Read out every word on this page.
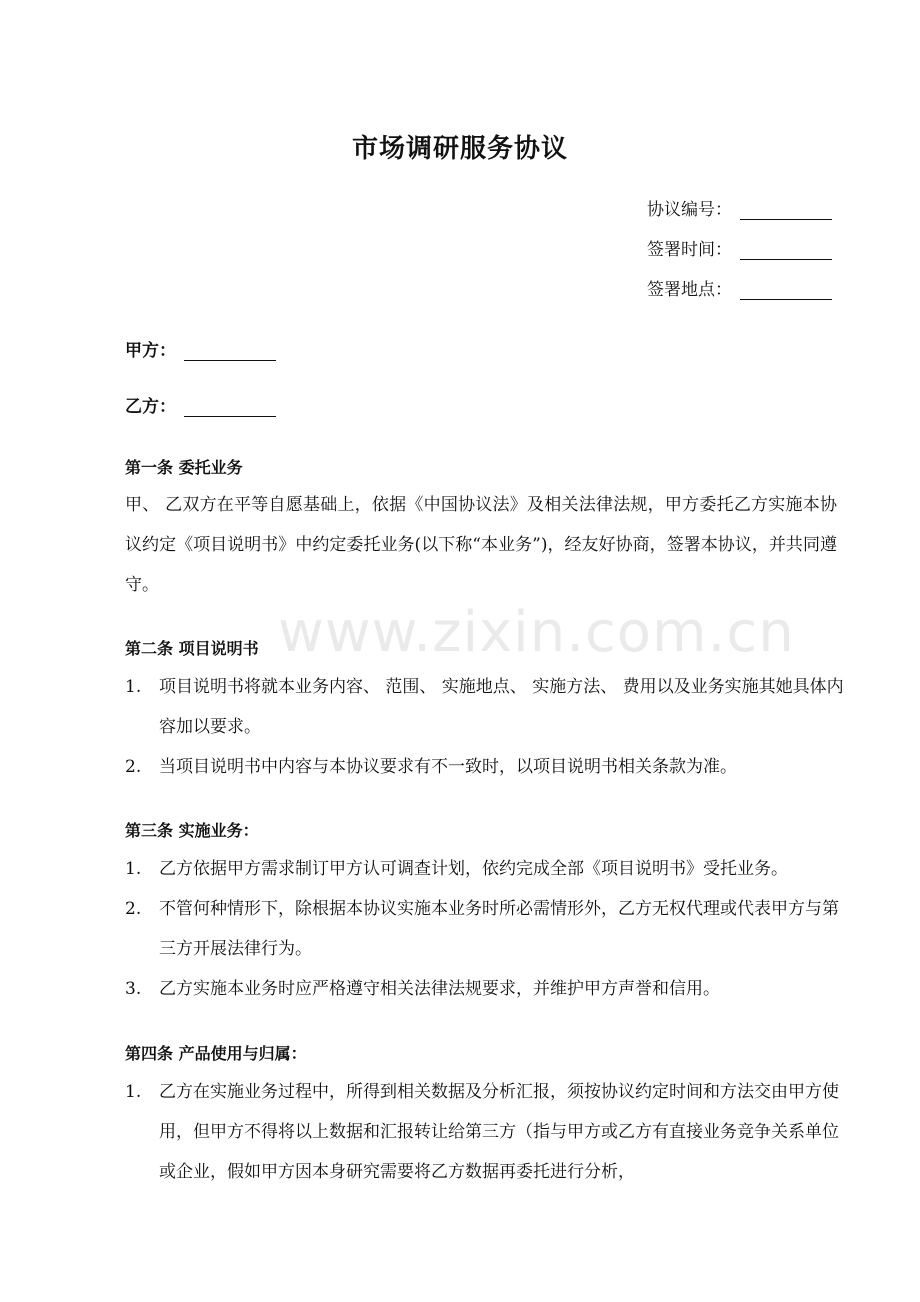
www.zixin.com.cn
市场调研服务协议
协议编号：
签署时间：
签署地点：
甲方：
乙方：
第一条 委托业务
甲、 乙双方在平等自愿基础上，依据《中国协议法》及相关法律法规，甲方委托乙方实施本协议约定《项目说明书》中约定委托业务(以下称“本业务”)，经友好协商，签署本协议，并共同遵守。
第二条 项目说明书
1.	项目说明书将就本业务内容、 范围、 实施地点、 实施方法、 费用以及业务实施其她具体内容加以要求。
2.	当项目说明书中内容与本协议要求有不一致时，以项目说明书相关条款为准。
第三条 实施业务：
1.	乙方依据甲方需求制订甲方认可调查计划，依约完成全部《项目说明书》受托业务。
2.	不管何种情形下，除根据本协议实施本业务时所必需情形外，乙方无权代理或代表甲方与第三方开展法律行为。
3.	乙方实施本业务时应严格遵守相关法律法规要求，并维护甲方声誉和信用。
第四条 产品使用与归属：
1.	乙方在实施业务过程中，所得到相关数据及分析汇报，须按协议约定时间和方法交由甲方使用，但甲方不得将以上数据和汇报转让给第三方（指与甲方或乙方有直接业务竞争关系单位或企业，假如甲方因本身研究需要将乙方数据再委托进行分析，
